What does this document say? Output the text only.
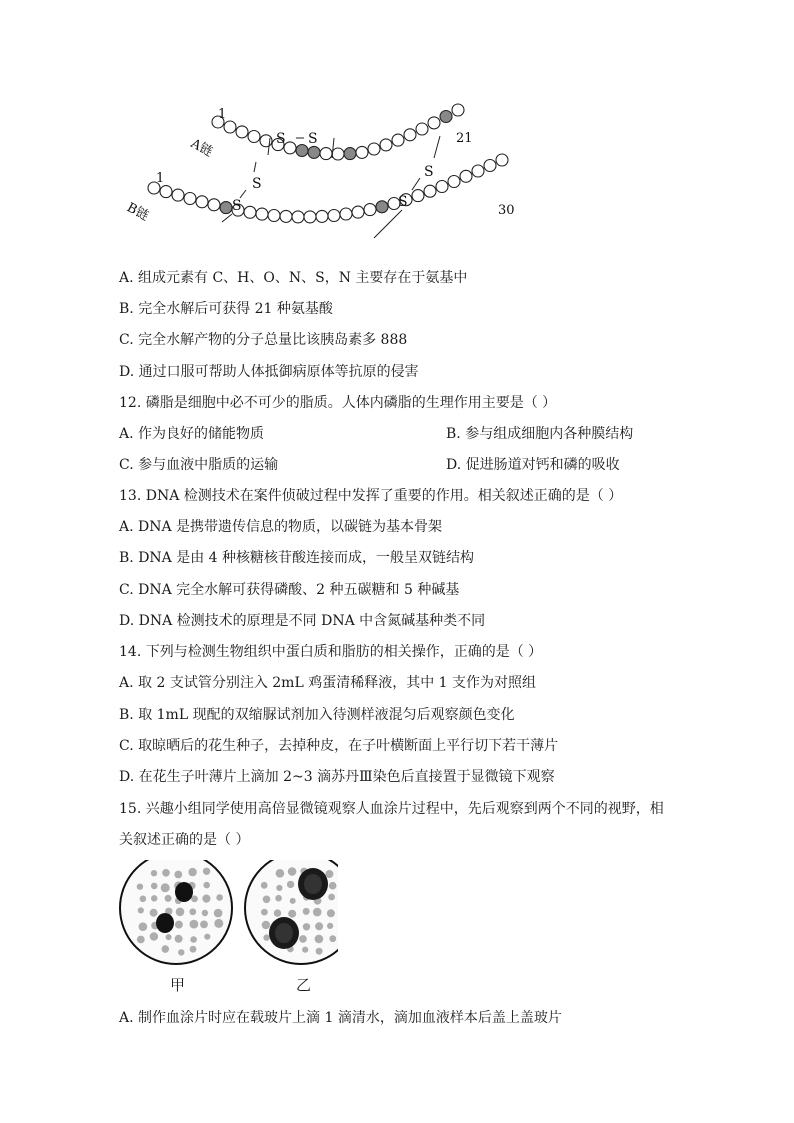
S S
S
S
S
S
1
21
1
30
A链
B链
A. 组成元素有 C、H、O、N、S，N 主要存在于氨基中
B. 完全水解后可获得 21 种氨基酸
C. 完全水解产物的分子总量比该胰岛素多 888
D. 通过口服可帮助人体抵御病原体等抗原的侵害
12. 磷脂是细胞中必不可少的脂质。人体内磷脂的生理作用主要是（ ）
A. 作为良好的储能物质	B. 参与组成细胞内各种膜结构
C. 参与血液中脂质的运输	D. 促进肠道对钙和磷的吸收
13. DNA 检测技术在案件侦破过程中发挥了重要的作用。相关叙述正确的是（ ）
A. DNA 是携带遗传信息的物质，以碳链为基本骨架
B. DNA 是由 4 种核糖核苷酸连接而成，一般呈双链结构
C. DNA 完全水解可获得磷酸、2 种五碳糖和 5 种碱基
D. DNA 检测技术的原理是不同 DNA 中含氮碱基种类不同
14. 下列与检测生物组织中蛋白质和脂肪的相关操作，正确的是（ ）
A. 取 2 支试管分别注入 2mL 鸡蛋清稀释液，其中 1 支作为对照组
B. 取 1mL 现配的双缩脲试剂加入待测样液混匀后观察颜色变化
C. 取晾晒后的花生种子，去掉种皮，在子叶横断面上平行切下若干薄片
D. 在花生子叶薄片上滴加 2~3 滴苏丹Ⅲ染色后直接置于显微镜下观察
15. 兴趣小组同学使用高倍显微镜观察人血涂片过程中，先后观察到两个不同的视野，相
关叙述正确的是（ ）
甲	乙
A. 制作血涂片时应在载玻片上滴 1 滴清水，滴加血液样本后盖上盖玻片
